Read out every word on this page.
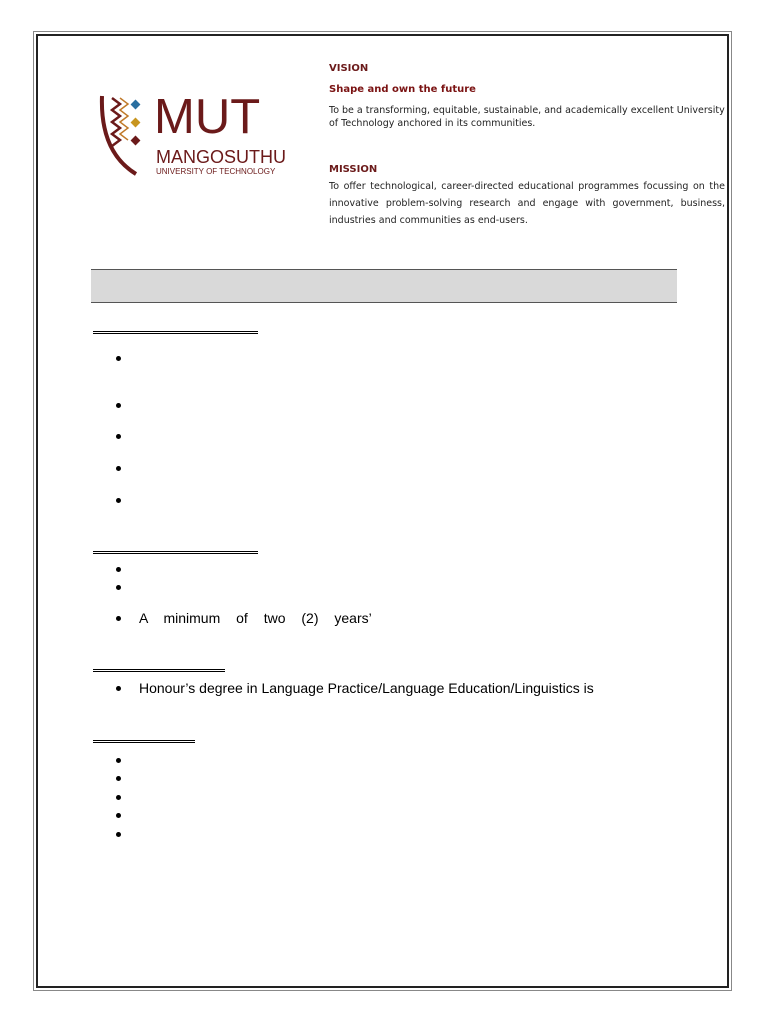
MUT
MANGOSUTHU
UNIVERSITY OF TECHNOLOGY
VISION
Shape and own the future
To be a transforming, equitable, sustainable, and academically excellent University of Technology anchored in its communities.
MISSION
To offer technological, career-directed educational programmes focussing on the innovative problem-solving research and engage with government, business, industries and communities as end-users.
A minimum of two (2) years’
Honour’s degree in Language Practice/Language Education/Linguistics is
